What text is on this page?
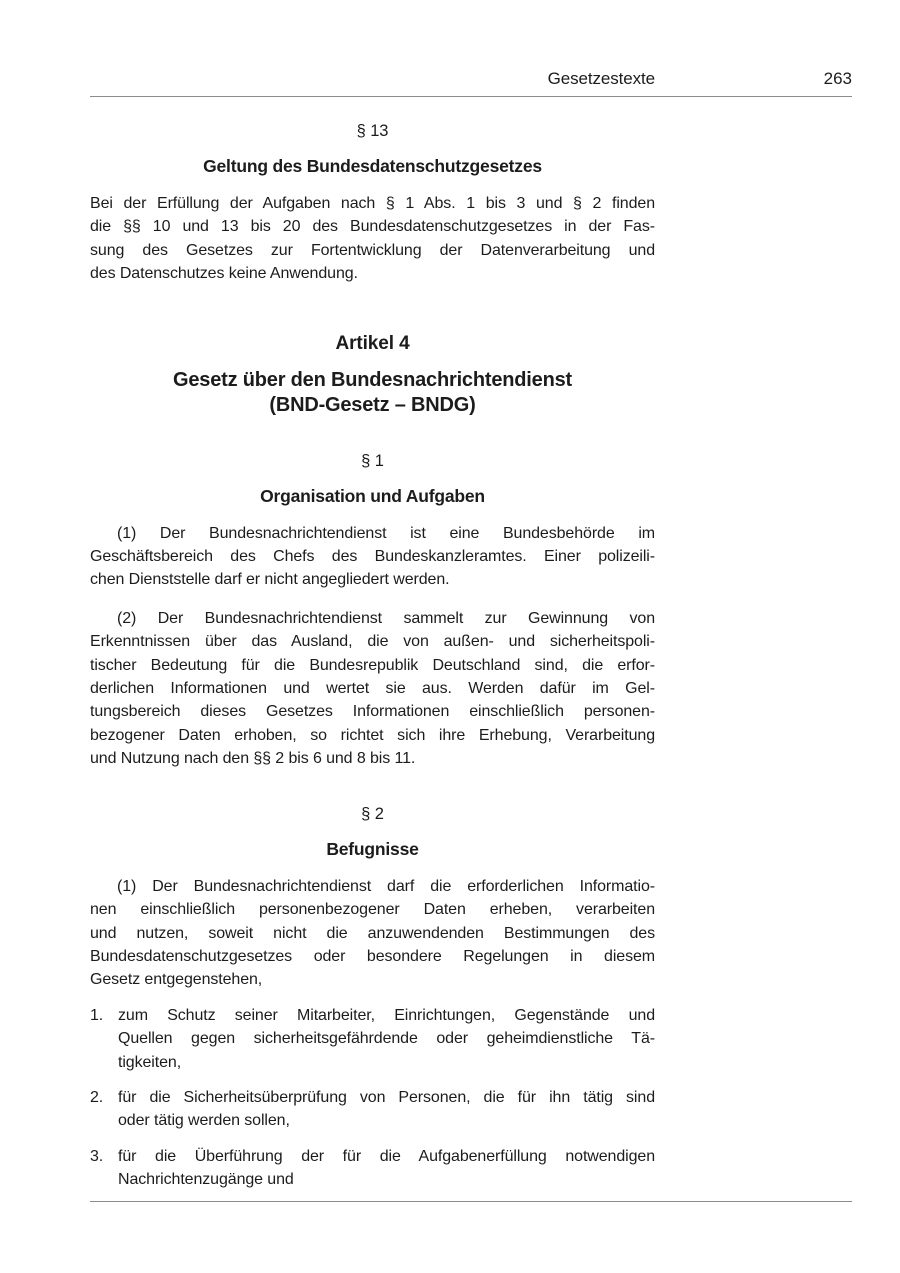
Gesetzestexte	263
§ 13
Geltung des Bundesdatenschutzgesetzes
Bei der Erfüllung der Aufgaben nach § 1 Abs. 1 bis 3 und § 2 finden
die §§ 10 und 13 bis 20 des Bundesdatenschutzgesetzes in der Fas-
sung des Gesetzes zur Fortentwicklung der Datenverarbeitung und
des Datenschutzes keine Anwendung.
Artikel 4
Gesetz über den Bundesnachrichtendienst
(BND-Gesetz – BNDG)
§ 1
Organisation und Aufgaben
(1) Der Bundesnachrichtendienst ist eine Bundesbehörde im
Geschäftsbereich des Chefs des Bundeskanzleramtes. Einer polizeili-
chen Dienststelle darf er nicht angegliedert werden.
(2) Der Bundesnachrichtendienst sammelt zur Gewinnung von
Erkenntnissen über das Ausland, die von außen- und sicherheitspoli-
tischer Bedeutung für die Bundesrepublik Deutschland sind, die erfor-
derlichen Informationen und wertet sie aus. Werden dafür im Gel-
tungsbereich dieses Gesetzes Informationen einschließlich personen-
bezogener Daten erhoben, so richtet sich ihre Erhebung, Verarbeitung
und Nutzung nach den §§ 2 bis 6 und 8 bis 11.
§ 2
Befugnisse
(1) Der Bundesnachrichtendienst darf die erforderlichen Informatio-
nen einschließlich personenbezogener Daten erheben, verarbeiten
und nutzen, soweit nicht die anzuwendenden Bestimmungen des
Bundesdatenschutzgesetzes oder besondere Regelungen in diesem
Gesetz entgegenstehen,
1. zum Schutz seiner Mitarbeiter, Einrichtungen, Gegenstände und
Quellen gegen sicherheitsgefährdende oder geheimdienstliche Tä-
tigkeiten,
2. für die Sicherheitsüberprüfung von Personen, die für ihn tätig sind
oder tätig werden sollen,
3. für die Überführung der für die Aufgabenerfüllung notwendigen
Nachrichtenzugänge und
